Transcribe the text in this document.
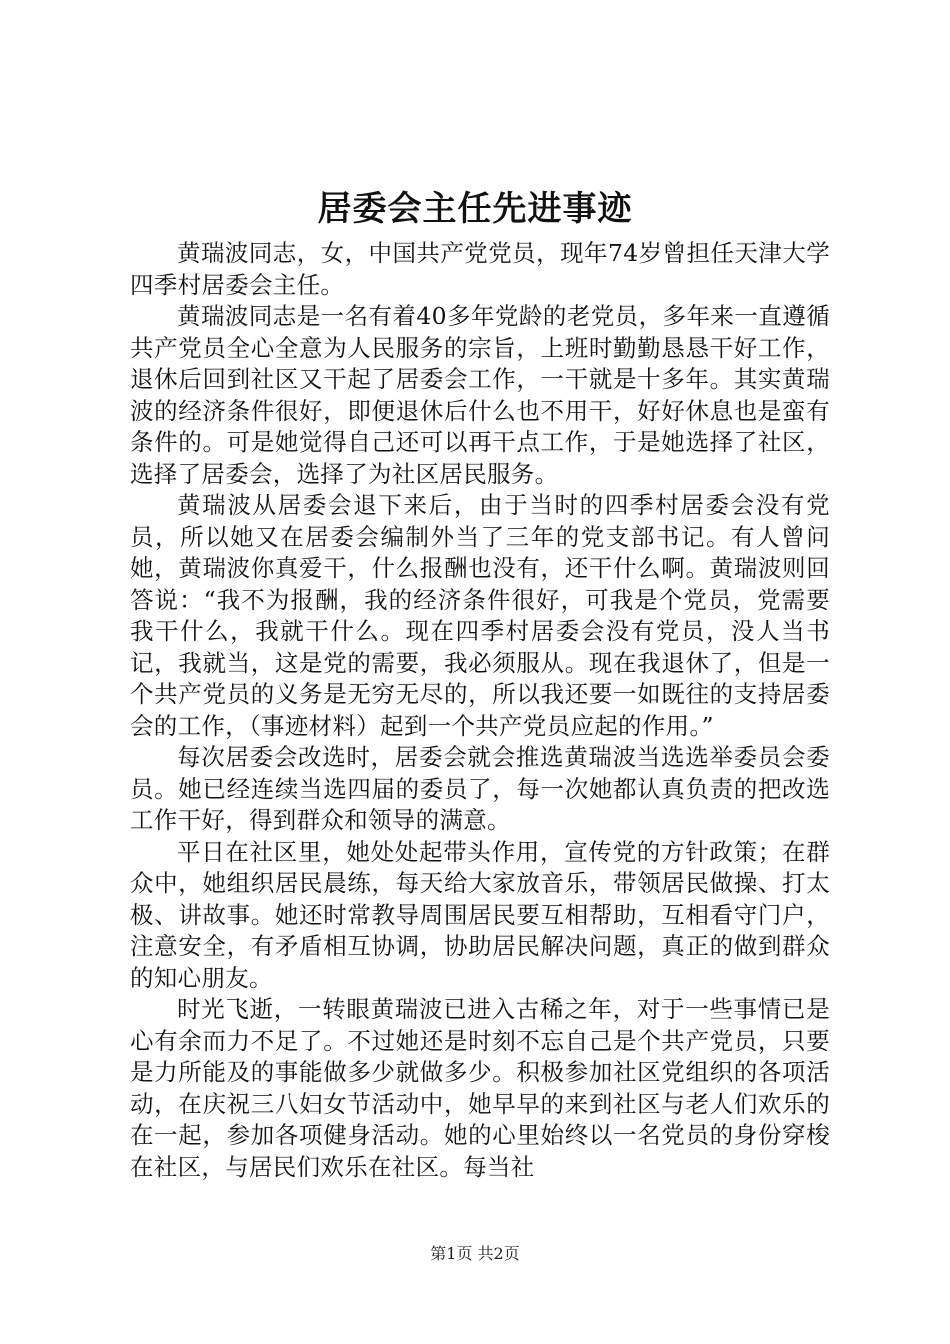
居委会主任先进事迹

黄瑞波同志，女，中国共产党党员，现年74岁曾担任天津大学四季村居委会主任。

黄瑞波同志是一名有着40多年党龄的老党员，多年来一直遵循共产党员全心全意为人民服务的宗旨，上班时勤勤恳恳干好工作，退休后回到社区又干起了居委会工作，一干就是十多年。其实黄瑞波的经济条件很好，即便退休后什么也不用干，好好休息也是蛮有条件的。可是她觉得自己还可以再干点工作，于是她选择了社区，选择了居委会，选择了为社区居民服务。

黄瑞波从居委会退下来后，由于当时的四季村居委会没有党员，所以她又在居委会编制外当了三年的党支部书记。有人曾问她，黄瑞波你真爱干，什么报酬也没有，还干什么啊。黄瑞波则回答说：“我不为报酬，我的经济条件很好，可我是个党员，党需要我干什么，我就干什么。现在四季村居委会没有党员，没人当书记，我就当，这是党的需要，我必须服从。现在我退休了，但是一个共产党员的义务是无穷无尽的，所以我还要一如既往的支持居委会的工作，（事迹材料）起到一个共产党员应起的作用。”

每次居委会改选时，居委会就会推选黄瑞波当选选举委员会委员。她已经连续当选四届的委员了，每一次她都认真负责的把改选工作干好，得到群众和领导的满意。

平日在社区里，她处处起带头作用，宣传党的方针政策；在群众中，她组织居民晨练，每天给大家放音乐，带领居民做操、打太极、讲故事。她还时常教导周围居民要互相帮助，互相看守门户，注意安全，有矛盾相互协调，协助居民解决问题，真正的做到群众的知心朋友。

时光飞逝，一转眼黄瑞波已进入古稀之年，对于一些事情已是心有余而力不足了。不过她还是时刻不忘自己是个共产党员，只要是力所能及的事能做多少就做多少。积极参加社区党组织的各项活动，在庆祝三八妇女节活动中，她早早的来到社区与老人们欢乐的在一起，参加各项健身活动。她的心里始终以一名党员的身份穿梭在社区，与居民们欢乐在社区。每当社

第1页 共2页
